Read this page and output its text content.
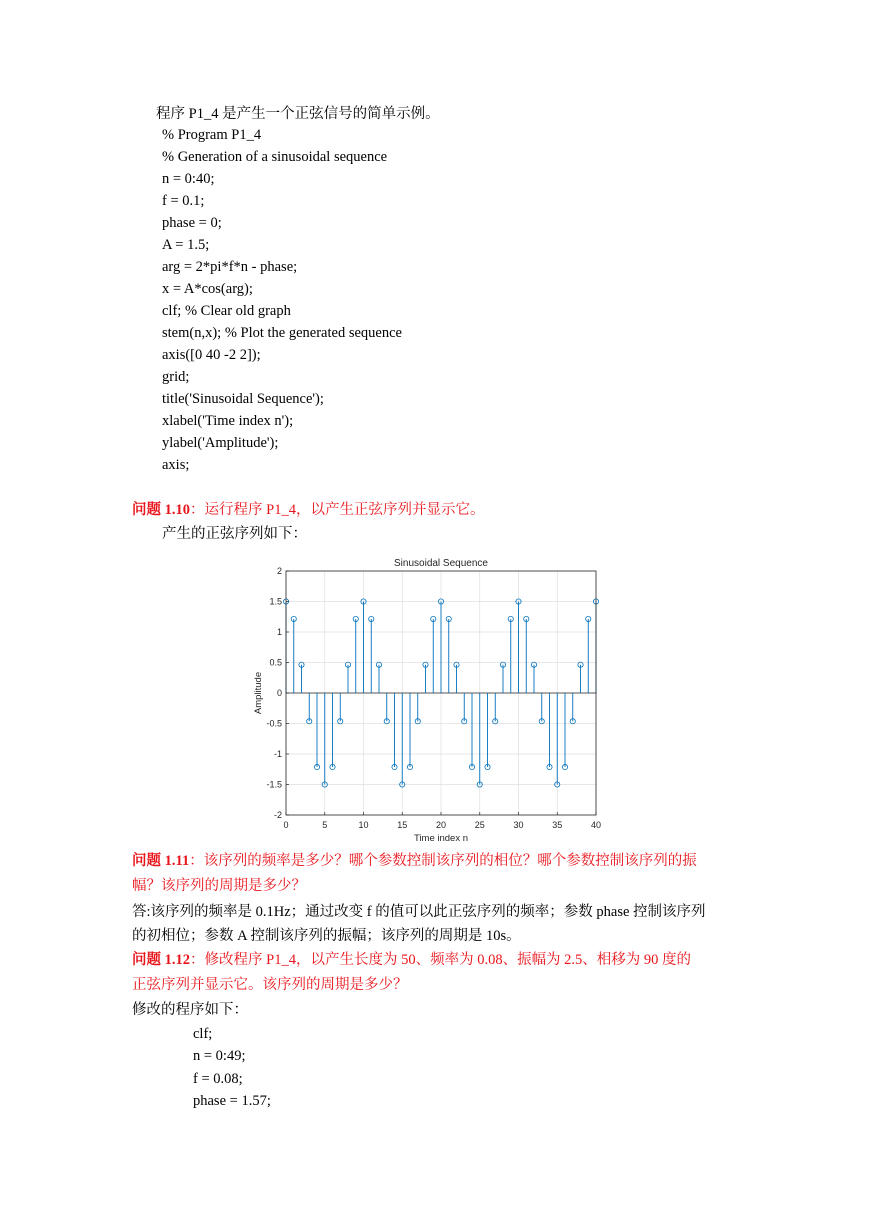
程序 P1_4 是产生一个正弦信号的简单示例。
% Program P1_4
% Generation of a sinusoidal sequence
n = 0:40;
f = 0.1;
phase = 0;
A = 1.5;
arg = 2*pi*f*n - phase;
x = A*cos(arg);
clf; % Clear old graph
stem(n,x); % Plot the generated sequence
axis([0 40 -2 2]);
grid;
title('Sinusoidal Sequence');
xlabel('Time index n');
ylabel('Amplitude');
axis;
问题 1.10：运行程序 P1_4，以产生正弦序列并显示它。
产生的正弦序列如下：
0	5	10	15	20	25	30	35	40
-2
-1.5
-1
-0.5
0
0.5
1
1.5
2
Sinusoidal Sequence
Time index n
Amplitude
问题 1.11：该序列的频率是多少？哪个参数控制该序列的相位？哪个参数控制该序列的振
幅？该序列的周期是多少？
答:该序列的频率是 0.1Hz；通过改变 f 的值可以此正弦序列的频率；参数 phase 控制该序列
的初相位；参数 A 控制该序列的振幅；该序列的周期是 10s。
问题 1.12：修改程序 P1_4，以产生长度为 50、频率为 0.08、振幅为 2.5、相移为 90 度的
正弦序列并显示它。该序列的周期是多少？
修改的程序如下：
clf;
n = 0:49;
f = 0.08;
phase = 1.57;
